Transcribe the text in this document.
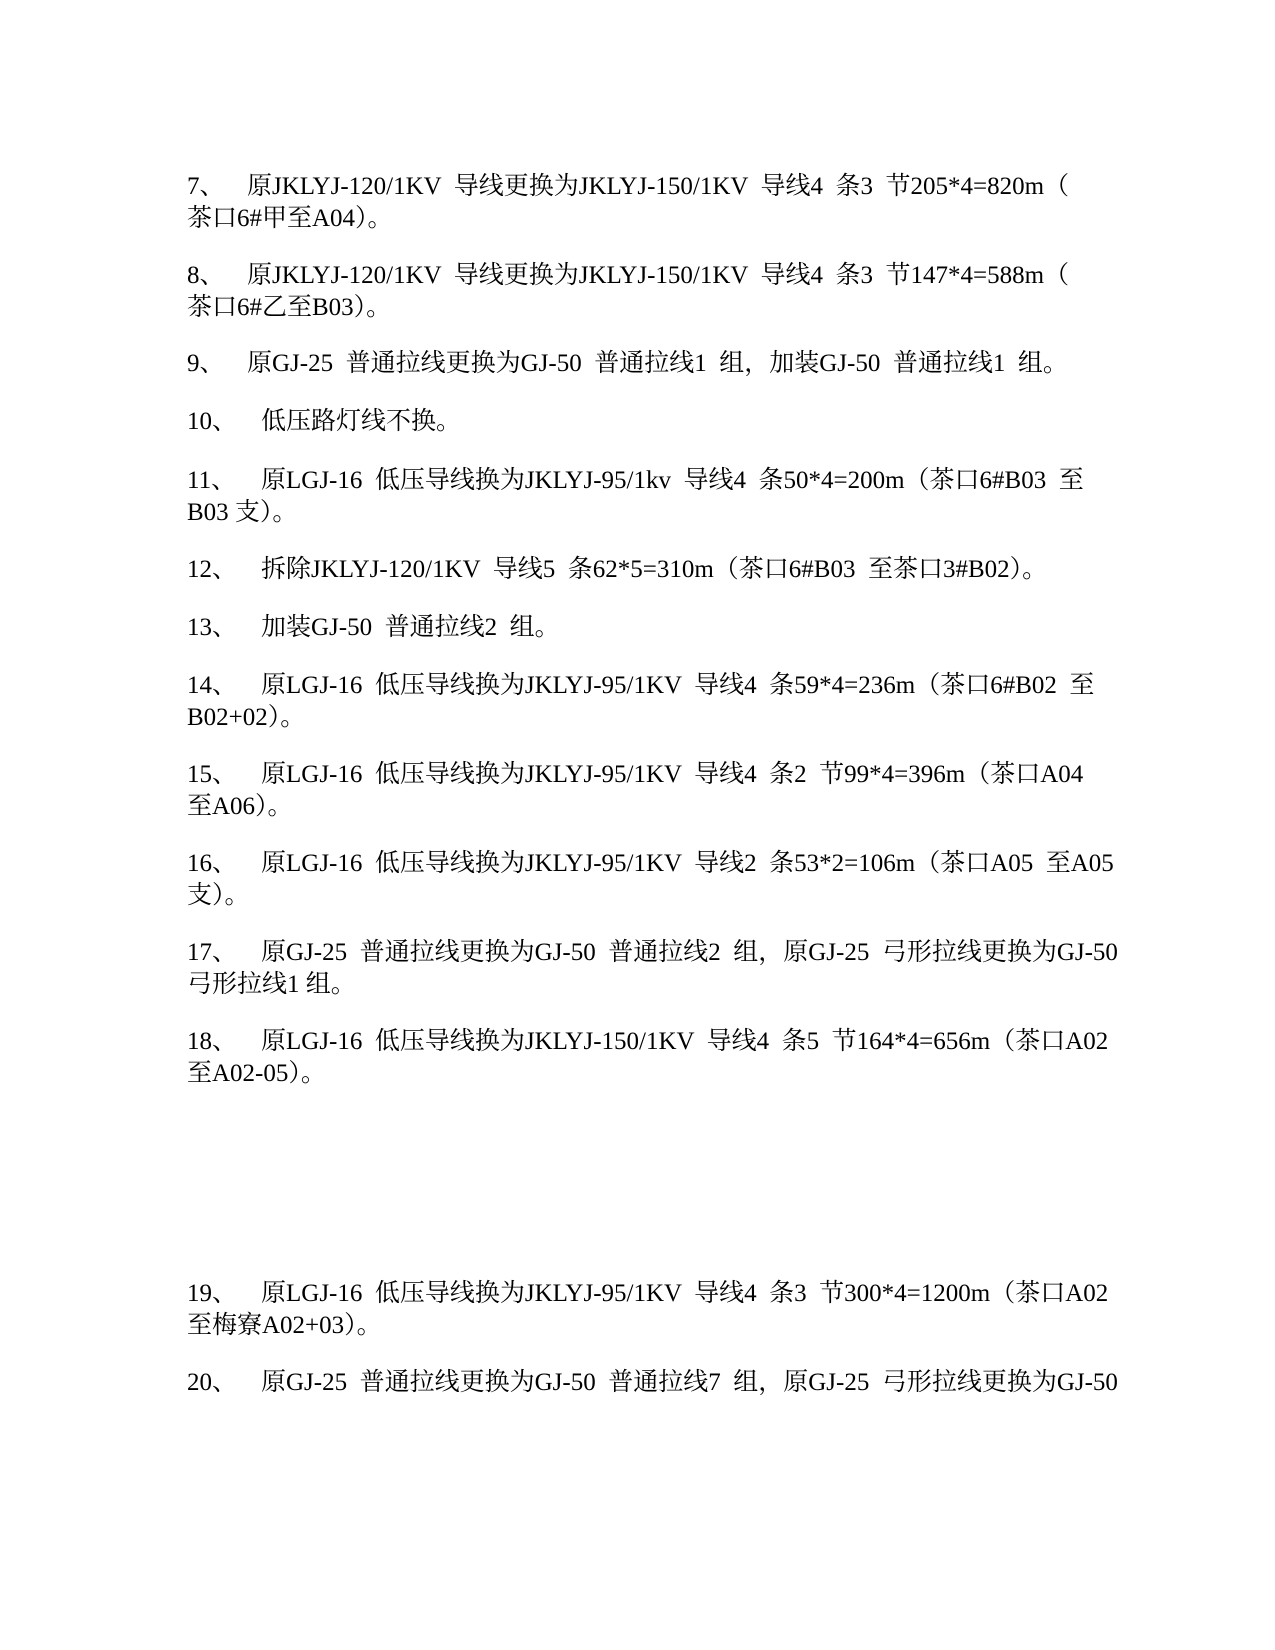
7、 原JKLYJ-120/1KV  导线更换为JKLYJ-150/1KV  导线4  条3  节205*4=820m（
茶口6#甲至A04）。
8、 原JKLYJ-120/1KV  导线更换为JKLYJ-150/1KV  导线4  条3  节147*4=588m（
茶口6#乙至B03）。
9、 原GJ-25  普通拉线更换为GJ-50  普通拉线1  组，加装GJ-50  普通拉线1  组。
10、 低压路灯线不换。
11、 原LGJ-16  低压导线换为JKLYJ-95/1kv  导线4  条50*4=200m（茶口6#B03  至
B03 支）。
12、 拆除JKLYJ-120/1KV  导线5  条62*5=310m（茶口6#B03  至茶口3#B02）。
13、 加装GJ-50  普通拉线2  组。
14、 原LGJ-16  低压导线换为JKLYJ-95/1KV  导线4  条59*4=236m（茶口6#B02  至
B02+02）。
15、 原LGJ-16  低压导线换为JKLYJ-95/1KV  导线4  条2  节99*4=396m（茶口A04
至A06）。
16、 原LGJ-16  低压导线换为JKLYJ-95/1KV  导线2  条53*2=106m（茶口A05  至A05
支）。
17、 原GJ-25  普通拉线更换为GJ-50  普通拉线2  组，原GJ-25  弓形拉线更换为GJ-50
弓形拉线1 组。
18、 原LGJ-16  低压导线换为JKLYJ-150/1KV  导线4  条5  节164*4=656m（茶口A02
至A02-05）。
19、 原LGJ-16  低压导线换为JKLYJ-95/1KV  导线4  条3  节300*4=1200m（茶口A02
至梅寮A02+03）。
20、 原GJ-25  普通拉线更换为GJ-50  普通拉线7  组，原GJ-25  弓形拉线更换为GJ-50
